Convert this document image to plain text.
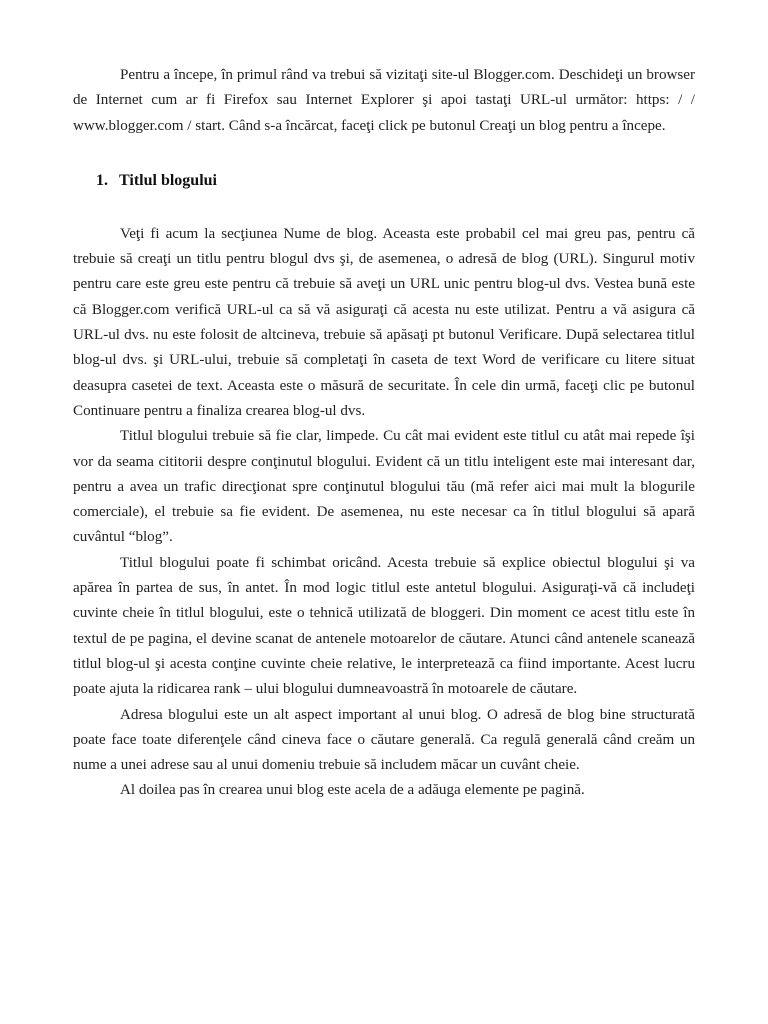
Pentru a începe, în primul rând va trebui să vizitaţi site-ul Blogger.com. Deschideţi un browser de Internet cum ar fi Firefox sau Internet Explorer şi apoi tastaţi URL-ul următor: https: / / www.blogger.com / start. Când s-a încărcat, faceţi click pe butonul Creaţi un blog pentru a începe.

1. Titlul blogului

Veţi fi acum la secţiunea Nume de blog. Aceasta este probabil cel mai greu pas, pentru că trebuie să creaţi un titlu pentru blogul dvs şi, de asemenea, o adresă de blog (URL). Singurul motiv pentru care este greu este pentru că trebuie să aveţi un URL unic pentru blog-ul dvs. Vestea bună este că Blogger.com verifică URL-ul ca să vă asiguraţi că acesta nu este utilizat. Pentru a vă asigura că URL-ul dvs. nu este folosit de altcineva, trebuie să apăsaţi pt butonul Verificare. După selectarea titlul blog-ul dvs. şi URL-ului, trebuie să completaţi în caseta de text Word de verificare cu litere situat deasupra casetei de text. Aceasta este o măsură de securitate. În cele din urmă, faceţi clic pe butonul Continuare pentru a finaliza crearea blog-ul dvs.

Titlul blogului trebuie să fie clar, limpede. Cu cât mai evident este titlul cu atât mai repede îşi vor da seama cititorii despre conţinutul blogului. Evident că un titlu inteligent este mai interesant dar, pentru a avea un trafic direcţionat spre conţinutul blogului tău (mă refer aici mai mult la blogurile comerciale), el trebuie sa fie evident. De asemenea, nu este necesar ca în titlul blogului să apară cuvântul “blog”.

Titlul blogului poate fi schimbat oricând. Acesta trebuie să explice obiectul blogului şi va apărea în partea de sus, în antet. În mod logic titlul este antetul blogului. Asiguraţi-vă că includeţi cuvinte cheie în titlul blogului, este o tehnică utilizată de bloggeri. Din moment ce acest titlu este în textul de pe pagina, el devine scanat de antenele motoarelor de căutare. Atunci când antenele scanează titlul blog-ul şi acesta conţine cuvinte cheie relative, le interpretează ca fiind importante. Acest lucru poate ajuta la ridicarea rank – ului blogului dumneavoastră în motoarele de căutare.

Adresa blogului este un alt aspect important al unui blog. O adresă de blog bine structurată poate face toate diferenţele când cineva face o căutare generală. Ca regulă generală când creăm un nume a unei adrese sau al unui domeniu trebuie să includem măcar un cuvânt cheie.

Al doilea pas în crearea unui blog este acela de a adăuga elemente pe pagină.
